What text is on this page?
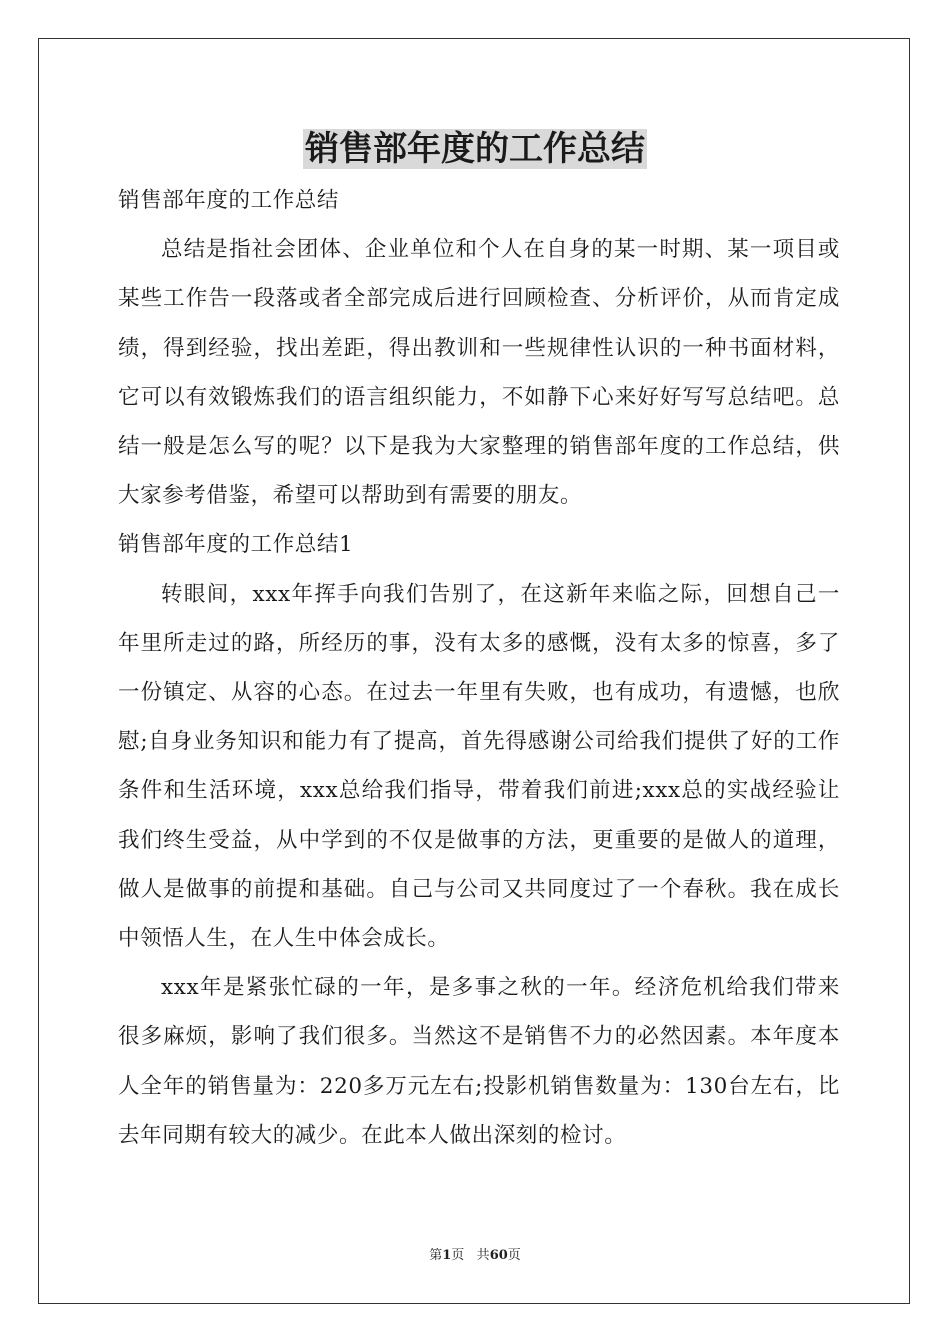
销售部年度的工作总结

销售部年度的工作总结

总结是指社会团体、企业单位和个人在自身的某一时期、某一项目或某些工作告一段落或者全部完成后进行回顾检查、分析评价，从而肯定成绩，得到经验，找出差距，得出教训和一些规律性认识的一种书面材料，它可以有效锻炼我们的语言组织能力，不如静下心来好好写写总结吧。总结一般是怎么写的呢？以下是我为大家整理的销售部年度的工作总结，供大家参考借鉴，希望可以帮助到有需要的朋友。

销售部年度的工作总结1

转眼间，xxx年挥手向我们告别了，在这新年来临之际，回想自己一年里所走过的路，所经历的事，没有太多的感慨，没有太多的惊喜，多了一份镇定、从容的心态。在过去一年里有失败，也有成功，有遗憾，也欣慰;自身业务知识和能力有了提高，首先得感谢公司给我们提供了好的工作条件和生活环境，xxx总给我们指导，带着我们前进;xxx总的实战经验让我们终生受益，从中学到的不仅是做事的方法，更重要的是做人的道理，做人是做事的前提和基础。自己与公司又共同度过了一个春秋。我在成长中领悟人生，在人生中体会成长。

xxx年是紧张忙碌的一年，是多事之秋的一年。经济危机给我们带来很多麻烦，影响了我们很多。当然这不是销售不力的必然因素。本年度本人全年的销售量为：220多万元左右;投影机销售数量为：130台左右，比去年同期有较大的减少。在此本人做出深刻的检讨。

第1页 共60页
